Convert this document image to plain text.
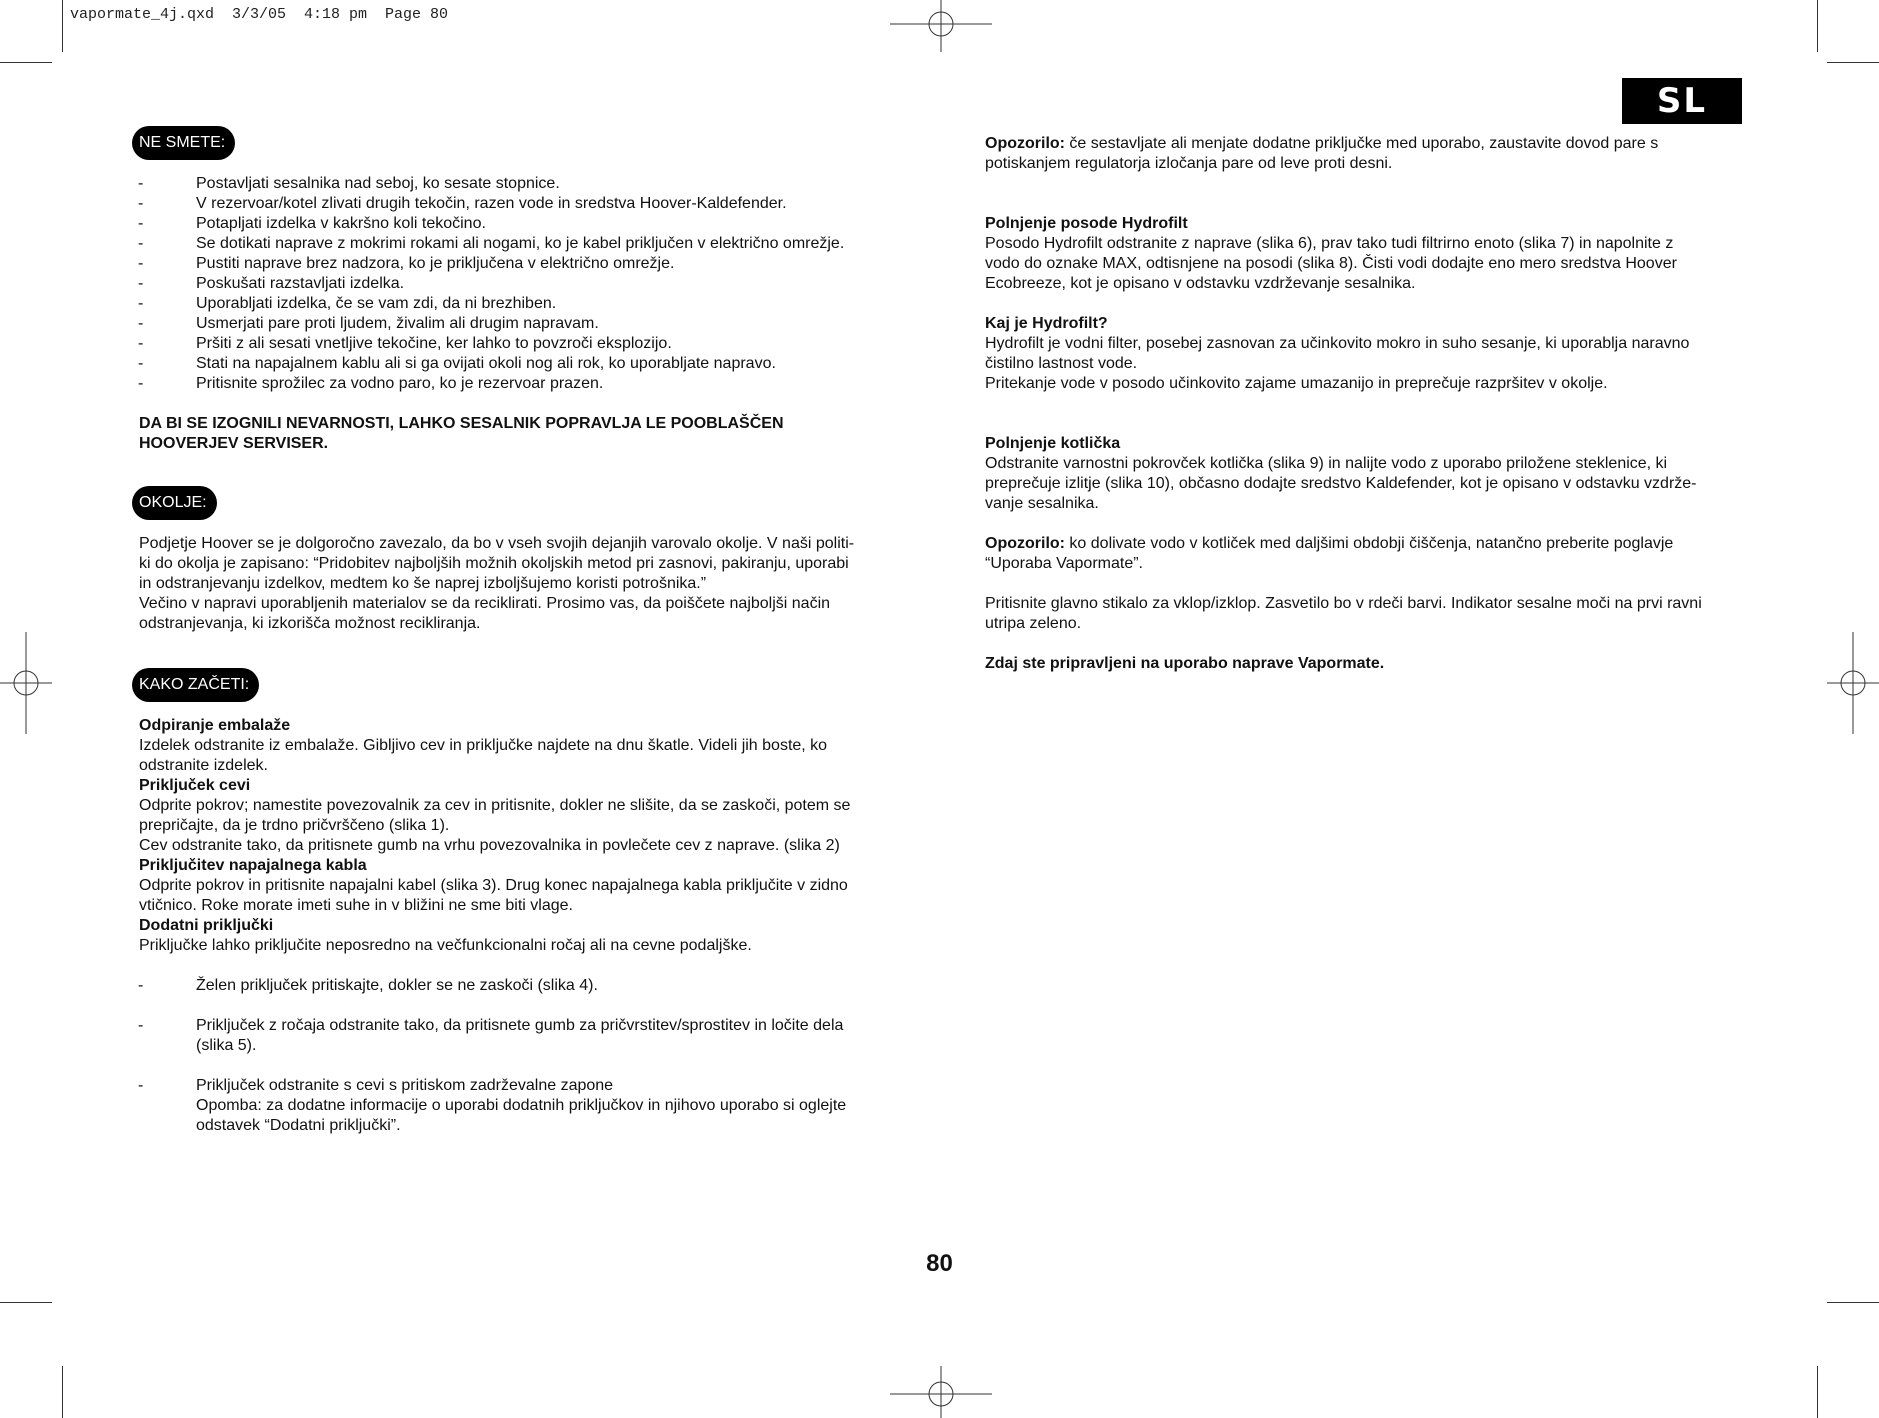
vapormate_4j.qxd  3/3/05  4:18 pm  Page 80
SL
NE SMETE:
-	Postavljati sesalnika nad seboj, ko sesate stopnice.
-	V rezervoar/kotel zlivati drugih tekočin, razen vode in sredstva Hoover-Kaldefender.
-	Potapljati izdelka v kakršno koli tekočino.
-	Se dotikati naprave z mokrimi rokami ali nogami, ko je kabel priključen v električno omrežje.
-	Pustiti naprave brez nadzora, ko je priključena v električno omrežje.
-	Poskušati razstavljati izdelka.
-	Uporabljati izdelka, če se vam zdi, da ni brezhiben.
-	Usmerjati pare proti ljudem, živalim ali drugim napravam.
-	Pršiti z ali sesati vnetljive tekočine, ker lahko to povzroči eksplozijo.
-	Stati na napajalnem kablu ali si ga ovijati okoli nog ali rok, ko uporabljate napravo.
-	Pritisnite sprožilec za vodno paro, ko je rezervoar prazen.

DA BI SE IZOGNILI NEVARNOSTI, LAHKO SESALNIK POPRAVLJA LE POOBLAŠČEN
HOOVERJEV SERVISER.

OKOLJE:

Podjetje Hoover se je dolgoročno zavezalo, da bo v vseh svojih dejanjih varovalo okolje. V naši politi-
ki do okolja je zapisano: “Pridobitev najboljših možnih okoljskih metod pri zasnovi, pakiranju, uporabi
in odstranjevanju izdelkov, medtem ko še naprej izboljšujemo koristi potrošnika.”
Večino v napravi uporabljenih materialov se da reciklirati. Prosimo vas, da poiščete najboljši način
odstranjevanja, ki izkorišča možnost recikliranja.

KAKO ZAČETI:

Odpiranje embalaže

Izdelek odstranite iz embalaže. Gibljivo cev in priključke najdete na dnu škatle. Videli jih boste, ko
odstranite izdelek.

Priključek cevi

Odprite pokrov; namestite povezovalnik za cev in pritisnite, dokler ne slišite, da se zaskoči, potem se
prepričajte, da je trdno pričvrščeno (slika 1).
Cev odstranite tako, da pritisnete gumb na vrhu povezovalnika in povlečete cev z naprave. (slika 2)

Priključitev napajalnega kabla

Odprite pokrov in pritisnite napajalni kabel (slika 3). Drug konec napajalnega kabla priključite v zidno
vtičnico. Roke morate imeti suhe in v bližini ne sme biti vlage.

Dodatni priključki

Priključke lahko priključite neposredno na večfunkcionalni ročaj ali na cevne podaljške.

-	Želen priključek pritiskajte, dokler se ne zaskoči (slika 4).
-	Priključek z ročaja odstranite tako, da pritisnete gumb za pričvrstitev/sprostitev in ločite dela
(slika 5).
-	Priključek odstranite s cevi s pritiskom zadrževalne zapone
Opomba: za dodatne informacije o uporabi dodatnih priključkov in njihovo uporabo si oglejte
odstavek “Dodatni priključki”.

Opozorilo: če sestavljate ali menjate dodatne priključke med uporabo, zaustavite dovod pare s
potiskanjem regulatorja izločanja pare od leve proti desni.

Polnjenje posode Hydrofilt

Posodo Hydrofilt odstranite z naprave (slika 6), prav tako tudi filtrirno enoto (slika 7) in napolnite z
vodo do oznake MAX, odtisnjene na posodi (slika 8). Čisti vodi dodajte eno mero sredstva Hoover
Ecobreeze, kot je opisano v odstavku vzdrževanje sesalnika.

Kaj je Hydrofilt?

Hydrofilt je vodni filter, posebej zasnovan za učinkovito mokro in suho sesanje, ki uporablja naravno
čistilno lastnost vode.
Pritekanje vode v posodo učinkovito zajame umazanijo in preprečuje razpršitev v okolje.

Polnjenje kotlička

Odstranite varnostni pokrovček kotlička (slika 9) in nalijte vodo z uporabo priložene steklenice, ki
preprečuje izlitje (slika 10), občasno dodajte sredstvo Kaldefender, kot je opisano v odstavku vzdrže-
vanje sesalnika.

Opozorilo: ko dolivate vodo v kotliček med daljšimi obdobji čiščenja, natančno preberite poglavje
“Uporaba Vapormate”.

Pritisnite glavno stikalo za vklop/izklop. Zasvetilo bo v rdeči barvi. Indikator sesalne moči na prvi ravni
utripa zeleno.

Zdaj ste pripravljeni na uporabo naprave Vapormate.

80
